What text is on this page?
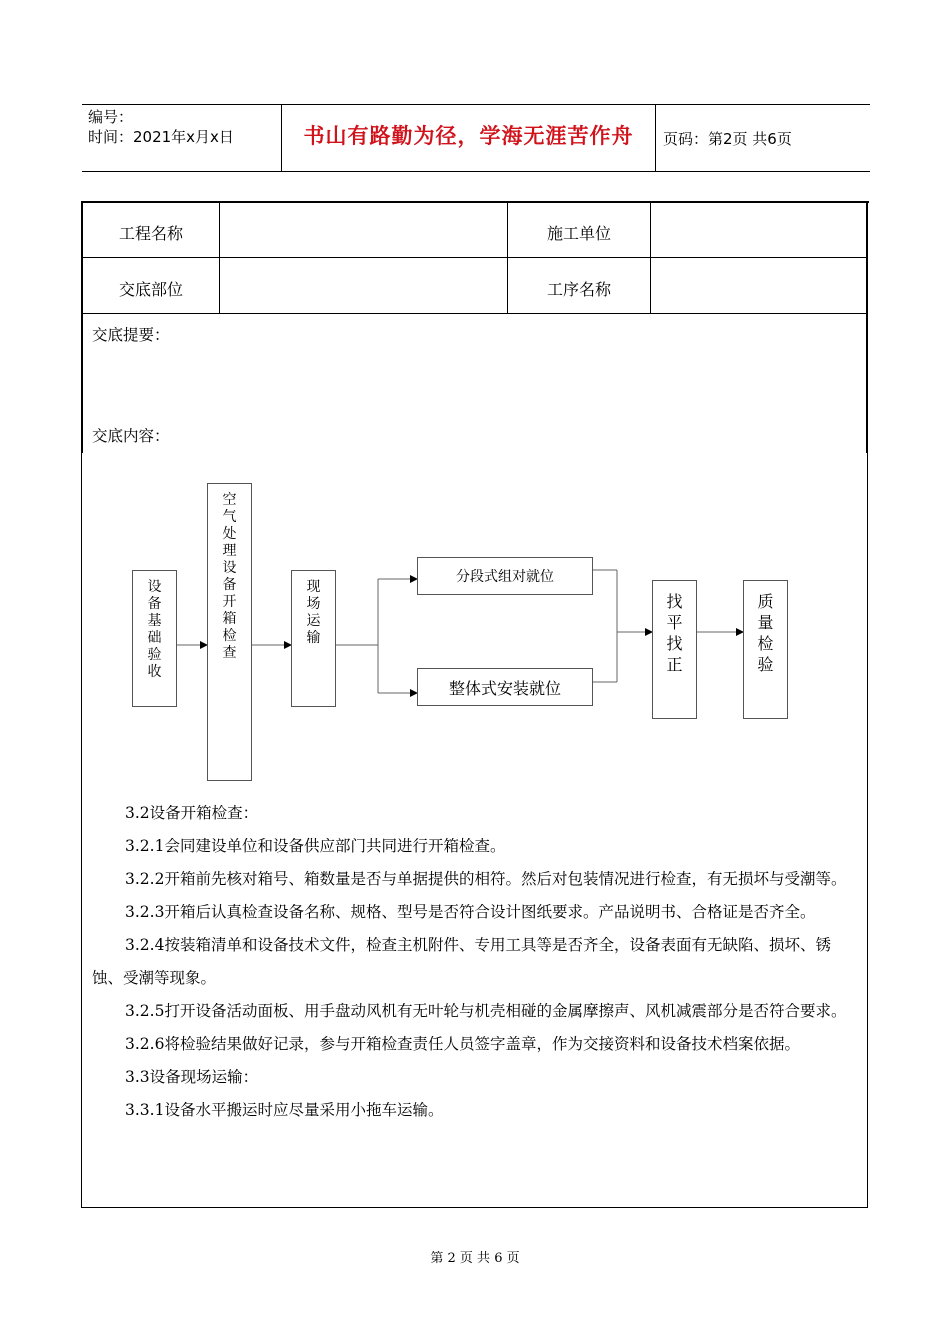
编号：
时间：2021年x月x日	书山有路勤为径，学海无涯苦作舟	页码：第2页 共6页
工程名称	施工单位
交底部位	工序名称
交底提要：
交底内容：
设备基础验收
空气处理设备开箱检查
现场运输
分段式组对就位
整体式安装就位
找平找正
质量检验

3.2设备开箱检查：

3.2.1会同建设单位和设备供应部门共同进行开箱检查。

3.2.2开箱前先核对箱号、箱数量是否与单据提供的相符。然后对包装情况进行检查，有无损坏与受潮等。

3.2.3开箱后认真检查设备名称、规格、型号是否符合设计图纸要求。产品说明书、合格证是否齐全。

3.2.4按装箱清单和设备技术文件，检查主机附件、专用工具等是否齐全，设备表面有无缺陷、损坏、锈蚀、受潮等现象。

3.2.5打开设备活动面板、用手盘动风机有无叶轮与机壳相碰的金属摩擦声、风机减震部分是否符合要求。

3.2.6将检验结果做好记录，参与开箱检查责任人员签字盖章，作为交接资料和设备技术档案依据。

3.3设备现场运输：

3.3.1设备水平搬运时应尽量采用小拖车运输。

第 2 页 共 6 页
